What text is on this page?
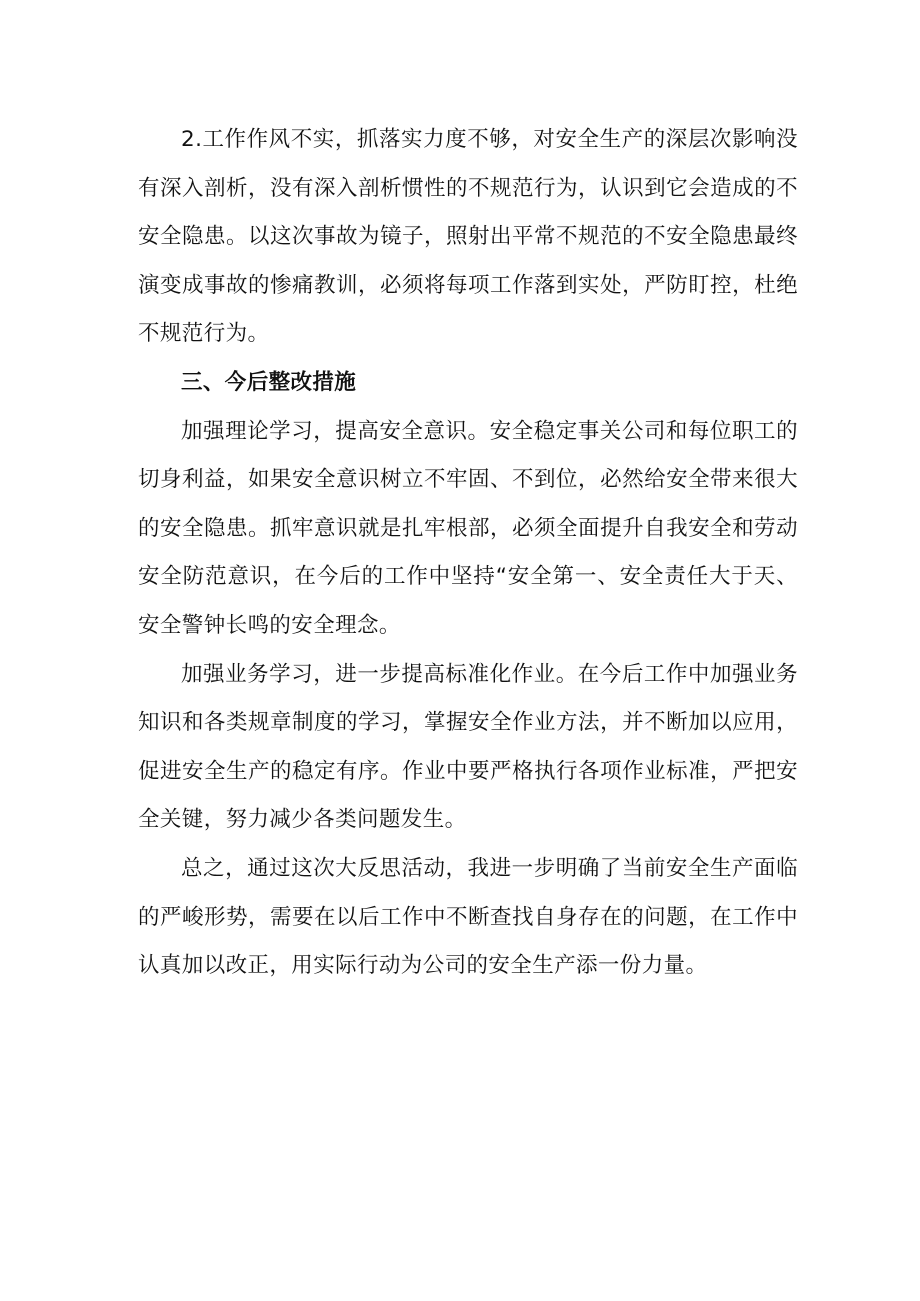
2.工作作风不实，抓落实力度不够，对安全生产的深层次影响没有深入剖析，没有深入剖析惯性的不规范行为，认识到它会造成的不安全隐患。以这次事故为镜子，照射出平常不规范的不安全隐患最终演变成事故的惨痛教训，必须将每项工作落到实处，严防盯控，杜绝不规范行为。

三、今后整改措施

加强理论学习，提高安全意识。安全稳定事关公司和每位职工的切身利益，如果安全意识树立不牢固、不到位，必然给安全带来很大的安全隐患。抓牢意识就是扎牢根部，必须全面提升自我安全和劳动安全防范意识，在今后的工作中坚持“安全第一、安全责任大于天、安全警钟长鸣的安全理念。

加强业务学习，进一步提高标准化作业。在今后工作中加强业务知识和各类规章制度的学习，掌握安全作业方法，并不断加以应用，促进安全生产的稳定有序。作业中要严格执行各项作业标准，严把安全关键，努力减少各类问题发生。

总之，通过这次大反思活动，我进一步明确了当前安全生产面临的严峻形势，需要在以后工作中不断查找自身存在的问题，在工作中认真加以改正，用实际行动为公司的安全生产添一份力量。
